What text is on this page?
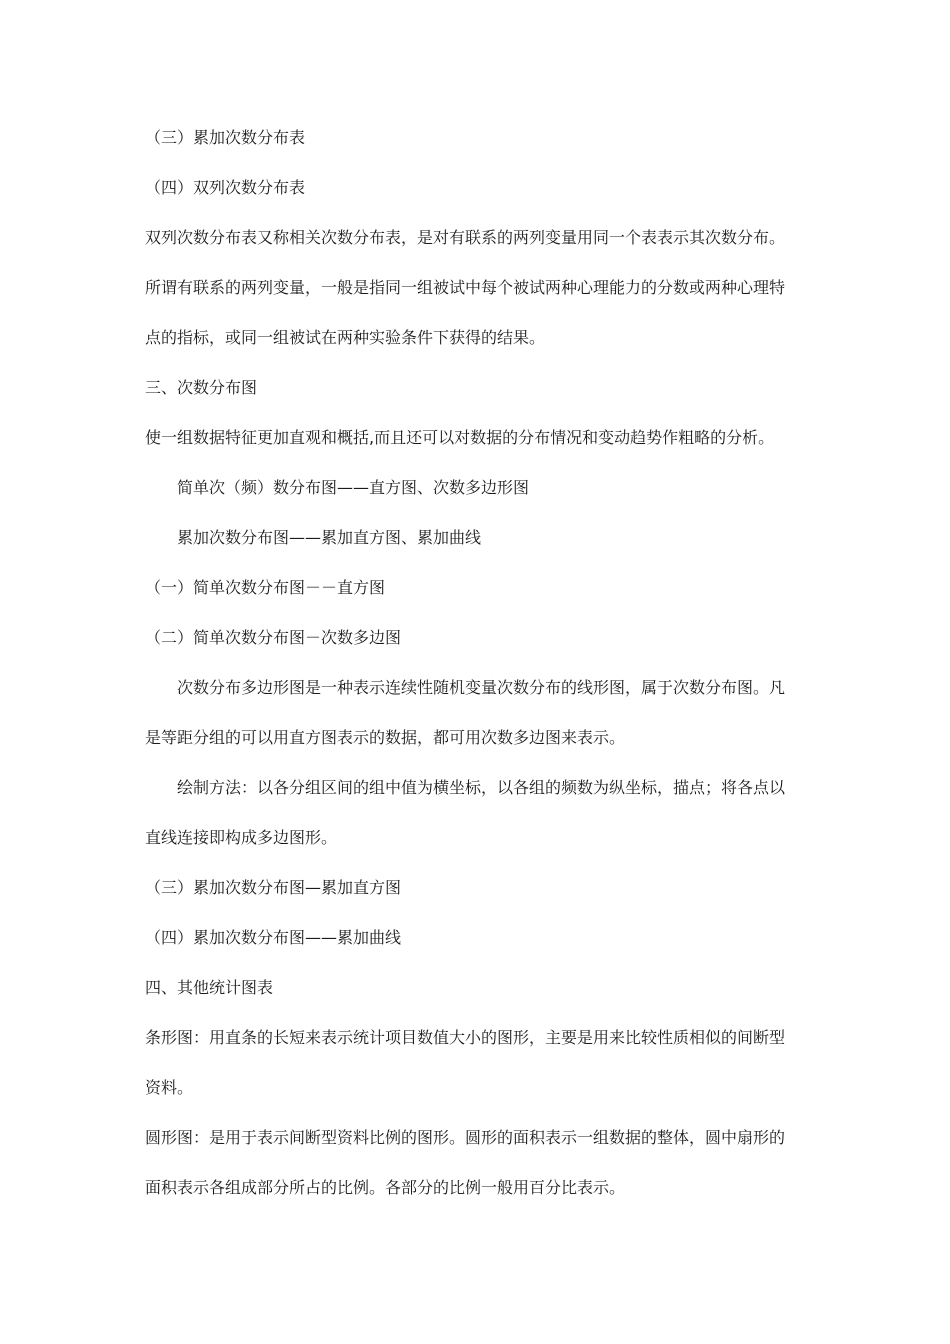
（三）累加次数分布表
（四）双列次数分布表
双列次数分布表又称相关次数分布表，是对有联系的两列变量用同一个表表示其次数分布。
所谓有联系的两列变量，一般是指同一组被试中每个被试两种心理能力的分数或两种心理特
点的指标，或同一组被试在两种实验条件下获得的结果。
三、次数分布图
使一组数据特征更加直观和概括,而且还可以对数据的分布情况和变动趋势作粗略的分析。
简单次（频）数分布图——直方图、次数多边形图
累加次数分布图——累加直方图、累加曲线
（一）简单次数分布图－－直方图
（二）简单次数分布图－次数多边图
次数分布多边形图是一种表示连续性随机变量次数分布的线形图，属于次数分布图。凡
是等距分组的可以用直方图表示的数据，都可用次数多边图来表示。
绘制方法：以各分组区间的组中值为横坐标，以各组的频数为纵坐标，描点；将各点以
直线连接即构成多边图形。
（三）累加次数分布图—累加直方图
（四）累加次数分布图——累加曲线
四、其他统计图表
条形图：用直条的长短来表示统计项目数值大小的图形，主要是用来比较性质相似的间断型
资料。
圆形图：是用于表示间断型资料比例的图形。圆形的面积表示一组数据的整体，圆中扇形的
面积表示各组成部分所占的比例。各部分的比例一般用百分比表示。
